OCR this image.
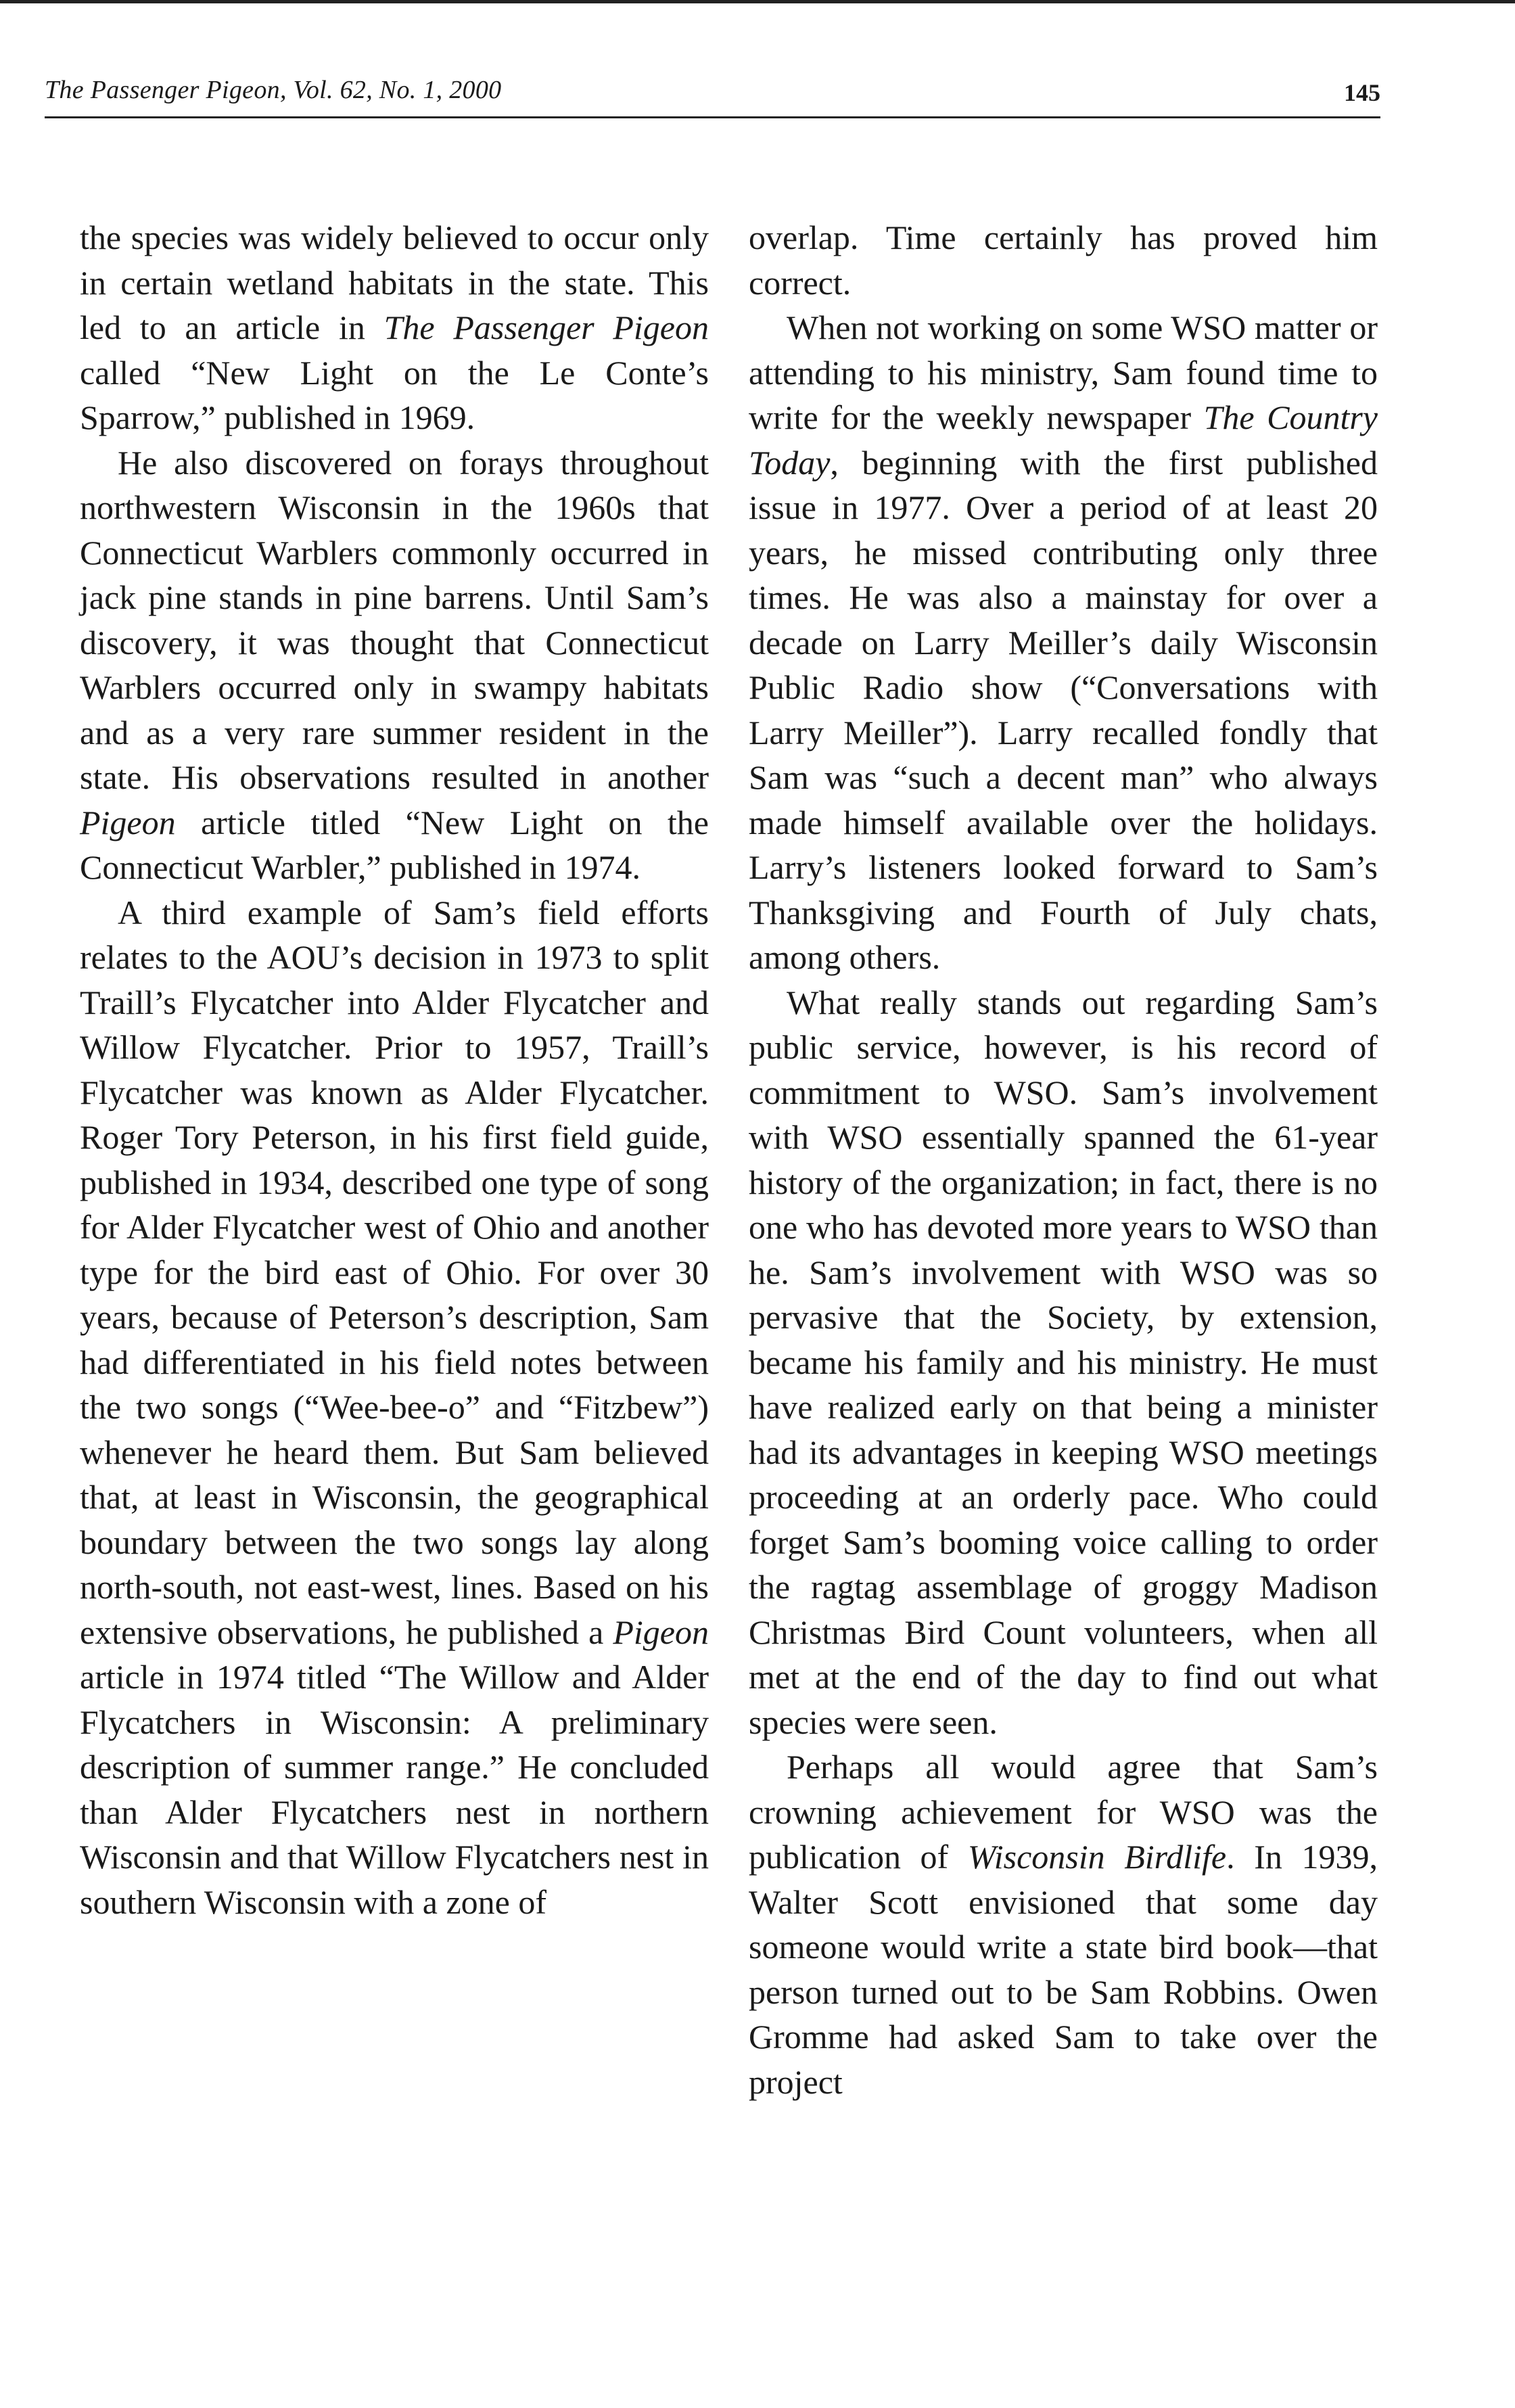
The Passenger Pigeon, Vol. 62, No. 1, 2000	145

the species was widely believed to occur only in certain wetland habitats in the state. This led to an article in The Passenger Pigeon called “New Light on the Le Conte’s Sparrow,” published in 1969.

He also discovered on forays throughout northwestern Wisconsin in the 1960s that Connecticut Warblers commonly occurred in jack pine stands in pine barrens. Until Sam’s discovery, it was thought that Connecticut Warblers occurred only in swampy habitats and as a very rare summer resident in the state. His observations resulted in another Pigeon article titled “New Light on the Connecticut Warbler,” published in 1974.

A third example of Sam’s field efforts relates to the AOU’s decision in 1973 to split Traill’s Flycatcher into Alder Flycatcher and Willow Flycatcher. Prior to 1957, Traill’s Flycatcher was known as Alder Flycatcher. Roger Tory Peterson, in his first field guide, published in 1934, described one type of song for Alder Flycatcher west of Ohio and another type for the bird east of Ohio. For over 30 years, because of Peterson’s description, Sam had differentiated in his field notes between the two songs (“Wee-bee-o” and “Fitzbew”) whenever he heard them. But Sam believed that, at least in Wisconsin, the geographical boundary between the two songs lay along north-south, not east-west, lines. Based on his extensive observations, he published a Pigeon article in 1974 titled “The Willow and Alder Flycatchers in Wisconsin: A preliminary description of summer range.” He concluded than Alder Flycatchers nest in northern Wisconsin and that Willow Flycatchers nest in southern Wisconsin with a zone of

overlap. Time certainly has proved him correct.

When not working on some WSO matter or attending to his ministry, Sam found time to write for the weekly newspaper The Country Today, beginning with the first published issue in 1977. Over a period of at least 20 years, he missed contributing only three times. He was also a mainstay for over a decade on Larry Meiller’s daily Wisconsin Public Radio show (“Conversations with Larry Meiller”). Larry recalled fondly that Sam was “such a decent man” who always made himself available over the holidays. Larry’s listeners looked forward to Sam’s Thanksgiving and Fourth of July chats, among others.

What really stands out regarding Sam’s public service, however, is his record of commitment to WSO. Sam’s involvement with WSO essentially spanned the 61-year history of the organization; in fact, there is no one who has devoted more years to WSO than he. Sam’s involvement with WSO was so pervasive that the Society, by extension, became his family and his ministry. He must have realized early on that being a minister had its advantages in keeping WSO meetings proceeding at an orderly pace. Who could forget Sam’s booming voice calling to order the ragtag assemblage of groggy Madison Christmas Bird Count volunteers, when all met at the end of the day to find out what species were seen.

Perhaps all would agree that Sam’s crowning achievement for WSO was the publication of Wisconsin Birdlife. In 1939, Walter Scott envisioned that some day someone would write a state bird book—that person turned out to be Sam Robbins. Owen Gromme had asked Sam to take over the project
